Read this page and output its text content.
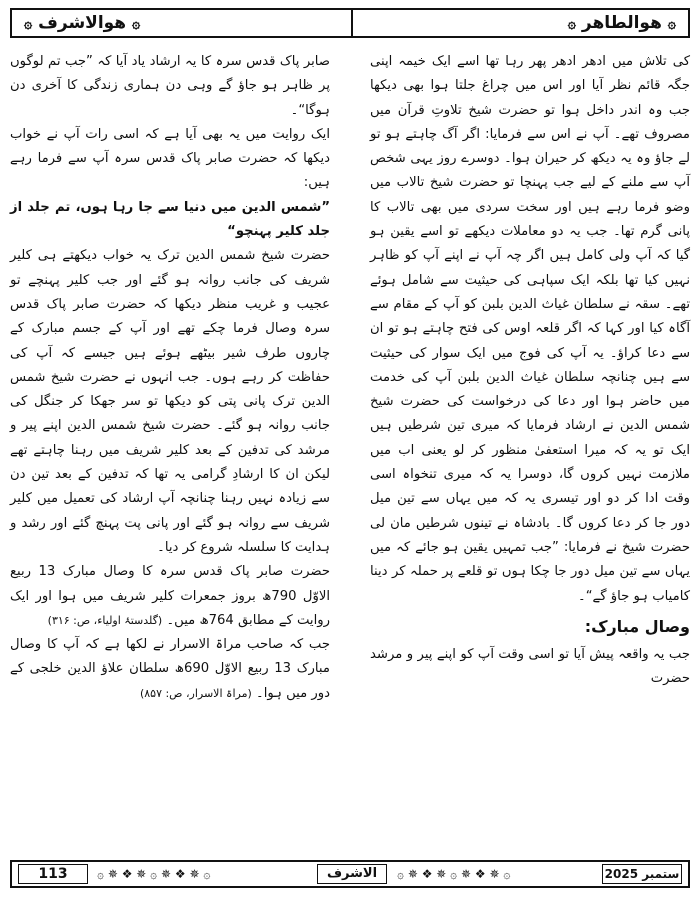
۞ ھوالاشرف ۞	۞ ھوالطاھر ۞

کی تلاش میں ادھر ادھر پھر رہا تھا اسے ایک خیمہ اپنی جگہ قائم نظر آیا اور اس میں چراغ جلتا ہوا بھی دیکھا جب وہ اندر داخل ہوا تو حضرت شیخ تلاوتِ قرآن میں مصروف تھے۔ آپ نے اس سے فرمایا: اگر آگ چاہتے ہو تو لے جاؤ وہ یہ دیکھ کر حیران ہوا۔ دوسرے روز یہی شخص آپ سے ملنے کے لیے جب پہنچا تو حضرت شیخ تالاب میں وضو فرما رہے ہیں اور سخت سردی میں بھی تالاب کا پانی گرم تھا۔ جب یہ دو معاملات دیکھے تو اسے یقین ہو گیا کہ آپ ولی کامل ہیں اگر چہ آپ نے اپنے آپ کو ظاہر نہیں کیا تھا بلکہ ایک سپاہی کی حیثیت سے شامل ہوئے تھے۔ سقہ نے سلطان غیاث الدین بلبن کو آپ کے مقام سے آگاہ کیا اور کہا کہ اگر قلعہ اوس کی فتح چاہتے ہو تو ان سے دعا کراؤ۔ یہ آپ کی فوج میں ایک سوار کی حیثیت سے ہیں چنانچہ سلطان غیاث الدین بلبن آپ کی خدمت میں حاضر ہوا اور دعا کی درخواست کی حضرت شیخ شمس الدین نے ارشاد فرمایا کہ میری تین شرطیں ہیں ایک تو یہ کہ میرا استعفیٰ منظور کر لو یعنی اب میں ملازمت نہیں کروں گا، دوسرا یہ کہ میری تنخواہ اسی وقت ادا کر دو اور تیسری یہ کہ میں یہاں سے تین میل دور جا کر دعا کروں گا۔ بادشاہ نے تینوں شرطیں مان لی حضرت شیخ نے فرمایا: ”جب تمہیں یقین ہو جائے کہ میں یہاں سے تین میل دور جا چکا ہوں تو قلعے پر حملہ کر دینا کامیاب ہو جاؤ گے“۔

وصال مبارک:

جب یہ واقعہ پیش آیا تو اسی وقت آپ کو اپنے پیر و مرشد حضرت

صابر پاک قدس سرہ کا یہ ارشاد یاد آیا کہ ”جب تم لوگوں پر ظاہر ہو جاؤ گے وہی دن ہماری زندگی کا آخری دن ہوگا“۔

ایک روایت میں یہ بھی آیا ہے کہ اسی رات آپ نے خواب دیکھا کہ حضرت صابر پاک قدس سرہ آپ سے فرما رہے ہیں:

”شمس الدین میں دنیا سے جا رہا ہوں، تم جلد از جلد کلیر پہنچو“

حضرت شیخ شمس الدین ترک یہ خواب دیکھتے ہی کلیر شریف کی جانب روانہ ہو گئے اور جب کلیر پہنچے تو عجیب و غریب منظر دیکھا کہ حضرت صابر پاک قدس سرہ وصال فرما چکے تھے اور آپ کے جسم مبارک کے چاروں طرف شیر بیٹھے ہوئے ہیں جیسے کہ آپ کی حفاظت کر رہے ہوں۔ جب انہوں نے حضرت شیخ شمس الدین ترک پانی پتی کو دیکھا تو سر جھکا کر جنگل کی جانب روانہ ہو گئے۔ حضرت شیخ شمس الدین اپنے پیر و مرشد کی تدفین کے بعد کلیر شریف میں رہنا چاہتے تھے لیکن ان کا ارشادِ گرامی یہ تھا کہ تدفین کے بعد تین دن سے زیادہ نہیں رہنا چنانچہ آپ ارشاد کی تعمیل میں کلیر شریف سے روانہ ہو گئے اور پانی پت پہنچ گئے اور رشد و ہدایت کا سلسلہ شروع کر دیا۔

حضرت صابر پاک قدس سرہ کا وصال مبارک 13 ربیع الاوّل 790ھ بروز جمعرات کلیر شریف میں ہوا اور ایک روایت کے مطابق 764ھ میں۔ (گلدستۂ اولیاء، ص: ۳۱۶)

جب کہ صاحب مراۃ الاسرار نے لکھا ہے کہ آپ کا وصال مبارک 13 ربیع الاوّل 690ھ سلطان علاؤ الدین خلجی کے دور میں ہوا۔ (مراۃ الاسرار، ص: ۸۵۷)

113	۞ ✵ ❖ ✵ ۞ ✵ ❖ ✵ ۞	الاشرف	۞ ✵ ❖ ✵ ۞ ✵ ❖ ✵ ۞	ستمبر 2025
